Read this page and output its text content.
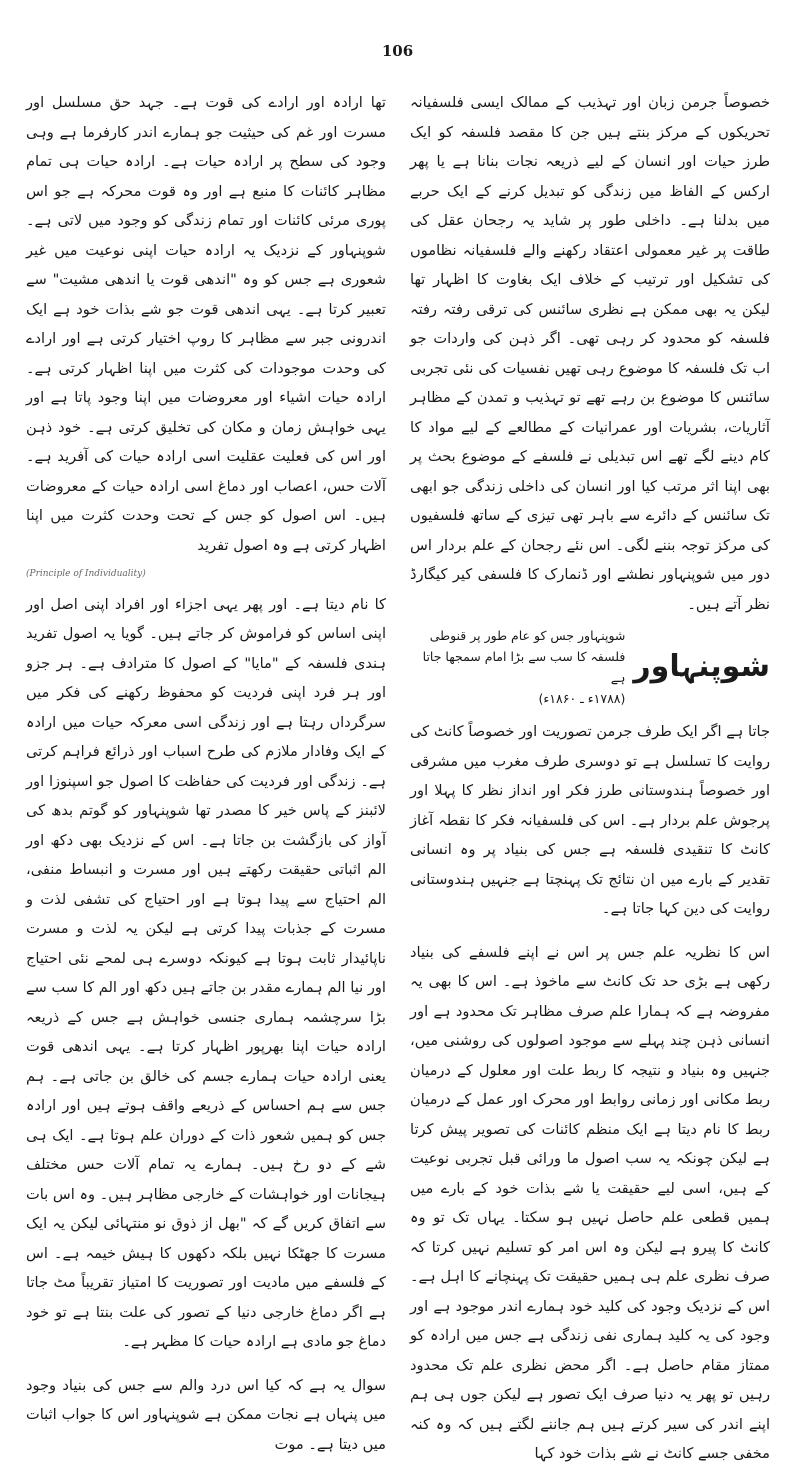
106

خصوصاً جرمن زبان اور تہذیب کے ممالک ایسی فلسفیانہ تحریکوں کے مرکز بنتے ہیں جن کا مقصد فلسفہ کو ایک طرز حیات اور انسان کے لیے ذریعہ نجات بنانا ہے یا پھر ارکس کے الفاظ میں زندگی کو تبدیل کرنے کے ایک حربے میں بدلنا ہے۔ داخلی طور پر شاید یہ رجحان عقل کی طاقت پر غیر معمولی اعتقاد رکھنے والے فلسفیانہ نظاموں کی تشکیل اور ترتیب کے خلاف ایک بغاوت کا اظہار تھا لیکن یہ بھی ممکن ہے نظری سائنس کی ترقی رفتہ رفتہ فلسفہ کو محدود کر رہی تھی۔ اگر ذہن کی واردات جو اب تک فلسفہ کا موضوع رہی تھیں نفسیات کی نئی تجربی سائنس کا موضوع بن رہے تھے تو تہذیب و تمدن کے مظاہر آثاریات، بشریات اور عمرانیات کے مطالعے کے لیے مواد کا کام دینے لگے تھے اس تبدیلی نے فلسفے کے موضوع بحث پر بھی اپنا اثر مرتب کیا اور انسان کی داخلی زندگی جو ابھی تک سائنس کے دائرے سے باہر تھی تیزی کے ساتھ فلسفیوں کی مرکز توجہ بننے لگی۔ اس نئے رجحان کے علم بردار اس دور میں شوپنہاور نطشے اور ڈنمارک کا فلسفی کیر کیگارڈ نظر آتے ہیں۔

شوپنہاور
شوپنہاور جس کو عام طور پر قنوطی فلسفہ کا سب سے بڑا امام سمجھا جاتا ہے
(۱۷۸۸ء ـ ۱۸۶۰ء)

جاتا ہے اگر ایک طرف جرمن تصوریت اور خصوصاً کانٹ کی روایت کا تسلسل ہے تو دوسری طرف مغرب میں مشرقی اور خصوصاً ہندوستانی طرز فکر اور انداز نظر کا پہلا اور پرجوش علم بردار ہے۔ اس کی فلسفیانہ فکر کا نقطہ آغاز کانٹ کا تنقیدی فلسفہ ہے جس کی بنیاد پر وہ انسانی تقدیر کے بارے میں ان نتائج تک پہنچتا ہے جنہیں ہندوستانی روایت کی دین کہا جاتا ہے۔

اس کا نظریہ علم جس پر اس نے اپنے فلسفے کی بنیاد رکھی ہے بڑی حد تک کانٹ سے ماخوذ ہے۔ اس کا بھی یہ مفروضہ ہے کہ ہمارا علم صرف مظاہر تک محدود ہے اور انسانی ذہن چند پہلے سے موجود اصولوں کی روشنی میں، جنہیں وہ بنیاد و نتیجہ کا ربط علت اور معلول کے درمیان ربط مکانی اور زمانی روابط اور محرک اور عمل کے درمیان ربط کا نام دیتا ہے ایک منظم کائنات کی تصویر پیش کرتا ہے لیکن چونکہ یہ سب اصول ما ورائی قبل تجربی نوعیت کے ہیں، اسی لیے حقیقت یا شے بذات خود کے بارے میں ہمیں قطعی علم حاصل نہیں ہو سکتا۔ یہاں تک تو وہ کانٹ کا پیرو ہے لیکن وہ اس امر کو تسلیم نہیں کرتا کہ صرف نظری علم ہی ہمیں حقیقت تک پہنچانے کا اہل ہے۔ اس کے نزدیک وجود کی کلید خود ہمارے اندر موجود ہے اور وجود کی یہ کلید ہماری نفی زندگی ہے جس میں ارادہ کو ممتاز مقام حاصل ہے۔ اگر محض نظری علم تک محدود رہیں تو پھر یہ دنیا صرف ایک تصور ہے لیکن جوں ہی ہم اپنے اندر کی سیر کرتے ہیں ہم جاننے لگتے ہیں کہ وہ کنہ مخفی جسے کانٹ نے شے بذات خود کہا

تھا ارادہ اور ارادے کی قوت ہے۔ جہد حق مسلسل اور مسرت اور غم کی حیثیت جو ہمارے اندر کارفرما ہے وہی وجود کی سطح پر ارادہ حیات ہے۔ ارادہ حیات ہی تمام مظاہر کائنات کا منبع ہے اور وہ قوت محرکہ ہے جو اس پوری مرئی کائنات اور تمام زندگی کو وجود میں لاتی ہے۔ شوپنہاور کے نزدیک یہ ارادہ حیات اپنی نوعیت میں غیر شعوری ہے جس کو وہ "اندھی قوت یا اندھی مشیت" سے تعبیر کرتا ہے۔ یہی اندھی قوت جو شے بذات خود ہے ایک اندرونی جبر سے مظاہر کا روپ اختیار کرتی ہے اور ارادے کی وحدت موجودات کی کثرت میں اپنا اظہار کرتی ہے۔ ارادہ حیات اشیاء اور معروضات میں اپنا وجود پاتا ہے اور یہی خواہش زمان و مکان کی تخلیق کرتی ہے۔ خود ذہن اور اس کی فعلیت عقلیت اسی ارادہ حیات کی آفرید ہے۔ آلات حس، اعصاب اور دماغ اسی ارادہ حیات کے معروضات ہیں۔ اس اصول کو جس کے تحت وحدت کثرت میں اپنا اظہار کرتی ہے وہ اصول تفرید

(Principle of Individuality)

کا نام دیتا ہے۔ اور پھر یہی اجزاء اور افراد اپنی اصل اور اپنی اساس کو فراموش کر جاتے ہیں۔ گویا یہ اصول تفرید ہندی فلسفہ کے "مایا" کے اصول کا مترادف ہے۔ ہر جزو اور ہر فرد اپنی فردیت کو محفوظ رکھنے کی فکر میں سرگرداں رہتا ہے اور زندگی اسی معرکہ حیات میں ارادہ کے ایک وفادار ملازم کی طرح اسباب اور ذرائع فراہم کرتی ہے۔ زندگی اور فردیت کی حفاظت کا اصول جو اسپنوزا اور لائبنز کے پاس خیر کا مصدر تھا شوپنہاور کو گوتم بدھ کی آواز کی بازگشت بن جاتا ہے۔ اس کے نزدیک بھی دکھ اور الم اثباتی حقیقت رکھتے ہیں اور مسرت و انبساط منفی، الم احتیاج سے پیدا ہوتا ہے اور احتیاج کی تشفی لذت و مسرت کے جذبات پیدا کرتی ہے لیکن یہ لذت و مسرت ناپائیدار ثابت ہوتا ہے کیونکہ دوسرے ہی لمحے نئی احتیاج اور نیا الم ہمارے مقدر بن جاتے ہیں دکھ اور الم کا سب سے بڑا سرچشمہ ہماری جنسی خواہش ہے جس کے ذریعہ ارادہ حیات اپنا بھرپور اظہار کرتا ہے۔ یہی اندھی قوت یعنی ارادہ حیات ہمارے جسم کی خالق بن جاتی ہے۔ ہم جس سے ہم احساس کے ذریعے واقف ہوتے ہیں اور ارادہ جس کو ہمیں شعور ذات کے دوران علم ہوتا ہے۔ ایک ہی شے کے دو رخ ہیں۔ ہمارے یہ تمام آلات حس مختلف ہیجانات اور خواہشات کے خارجی مظاہر ہیں۔ وہ اس بات سے اتفاق کریں گے کہ "بھل از ذوق نو منتہائی لیکن یہ ایک مسرت کا جھٹکا نہیں بلکہ دکھوں کا ہیش خیمہ ہے۔ اس کے فلسفے میں مادیت اور تصوریت کا امتیاز تقریباً مٹ جاتا ہے اگر دماغ خارجی دنیا کے تصور کی علت بنتا ہے تو خود دماغ جو مادی ہے ارادہ حیات کا مظہر ہے۔

سوال یہ ہے کہ کیا اس درد والم سے جس کی بنیاد وجود میں پنہاں ہے نجات ممکن ہے شوپنہاور اس کا جواب اثبات میں دیتا ہے۔ موت
